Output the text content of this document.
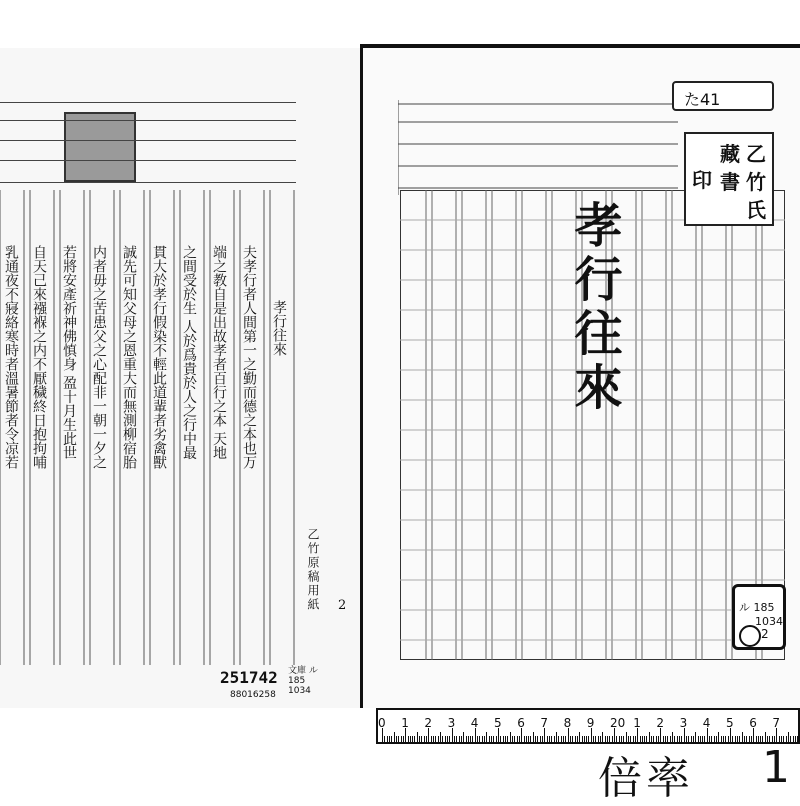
孝行往來
夫孝行者人間第一之勤而德之本也万
端之教自是出故孝者百行之本 天地
之間受於生 人於爲貴於人之行中最
貫大於孝行假染不輕此道輩者劣禽獸
誠先可知父母之恩重大而無測柳宿胎
内者毋之苦患父之心配非一朝一夕之
若將安產祈神佛慎身 盈十月生此世
自天己來襁褓之内不厭穢終日抱拘哺
乳通夜不寢絡寒時者溫暑節者令凉若
乙竹原稿用紙 2
251742 文庫 ル185 1034
88016258
た41
乙
竹
氏
藏
書
印
孝行往來
ル 185
1034
2
0 1 2 3 4 5 6 7 8 9 20 1 2 3 4 5 6 7
倍率 1
